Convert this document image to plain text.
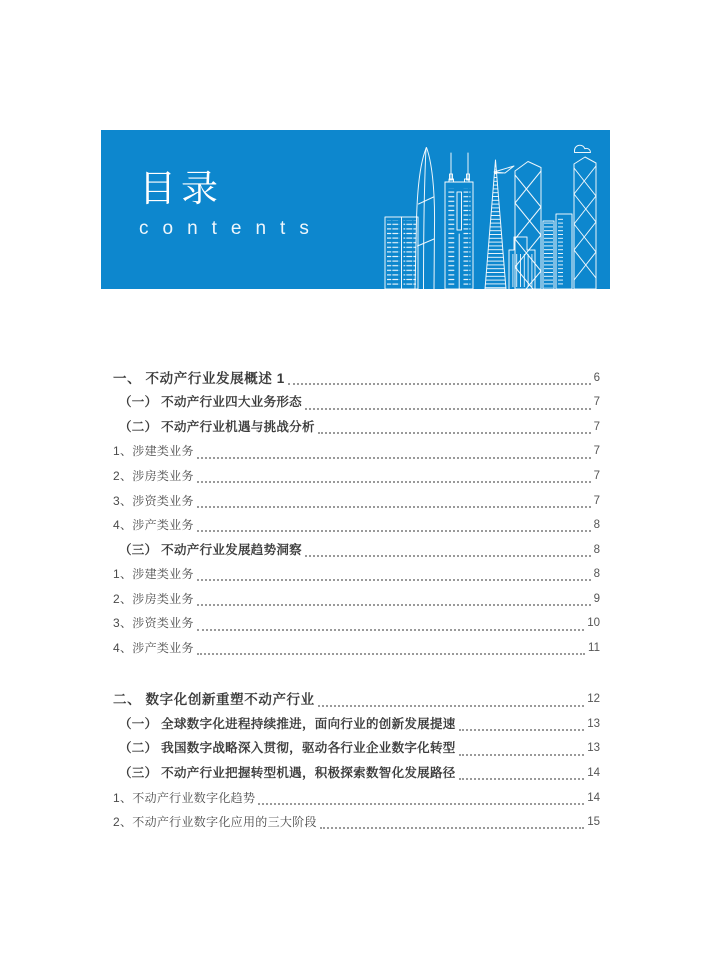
目录
contents
一、 不动产行业发展概述 1	6
（一） 不动产行业四大业务形态	7
（二） 不动产行业机遇与挑战分析	7
1、涉建类业务	7
2、涉房类业务	7
3、涉资类业务	7
4、涉产类业务	8
（三） 不动产行业发展趋势洞察	8
1、涉建类业务	8
2、涉房类业务	9
3、涉资类业务	10
4、涉产类业务	11
二、 数字化创新重塑不动产行业	12
（一） 全球数字化进程持续推进，面向行业的创新发展提速	13
（二） 我国数字战略深入贯彻，驱动各行业企业数字化转型	13
（三） 不动产行业把握转型机遇，积极探索数智化发展路径	14
1、不动产行业数字化趋势	14
2、不动产行业数字化应用的三大阶段	15
